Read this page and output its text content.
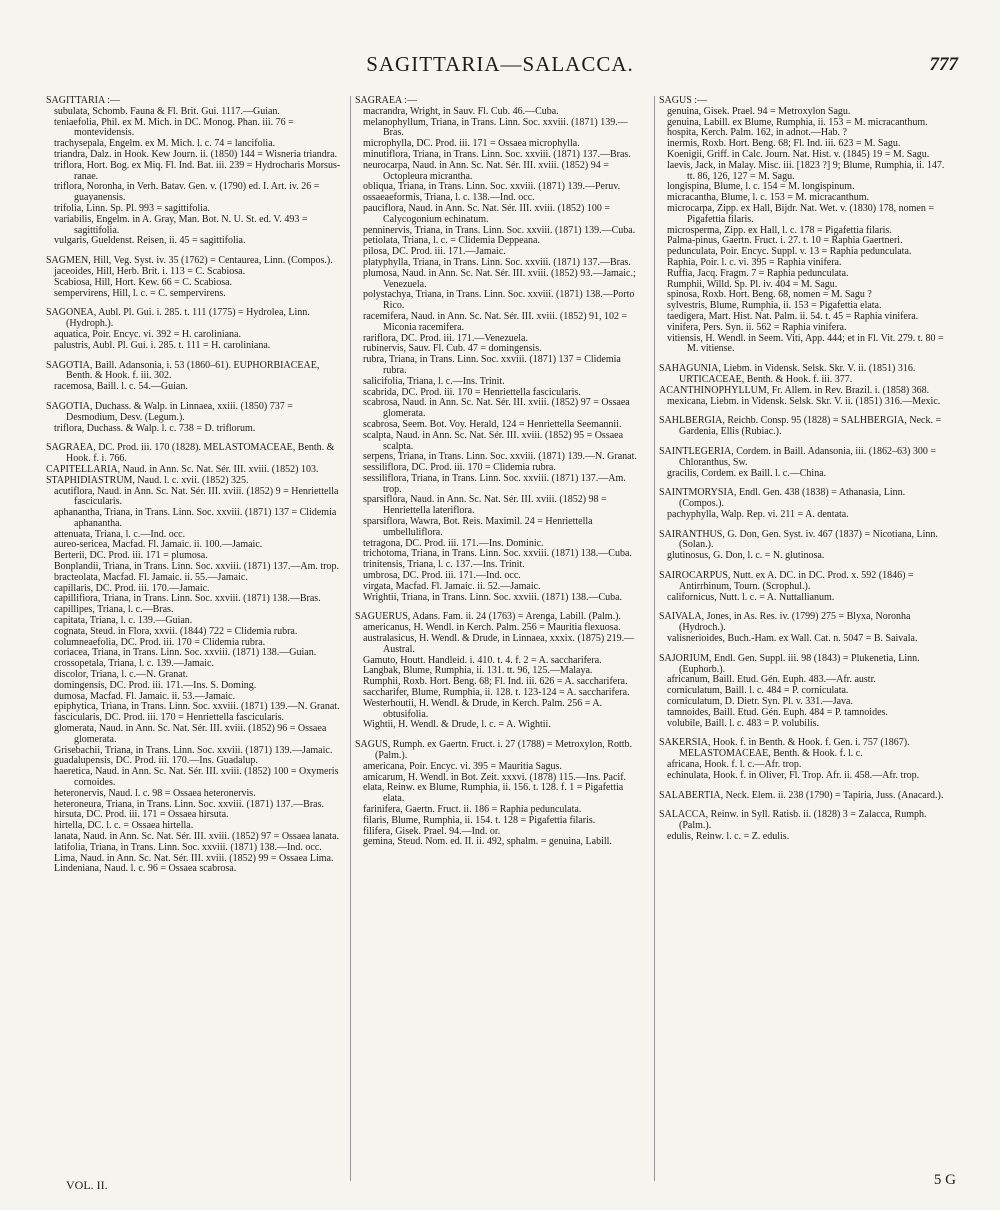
SAGITTARIA—SALACCA.	777

SAGITTARIA :—

subulata, Schomb. Fauna & Fl. Brit. Gui. 1117.—Guian.

teniaefolia, Phil. ex M. Mich. in DC. Monog. Phan. iii. 76 = montevidensis.

trachysepala, Engelm. ex M. Mich. l. c. 74 = lancifolia.

triandra, Dalz. in Hook. Kew Journ. ii. (1850) 144 = Wisneria triandra.

triflora, Hort. Bog. ex Miq. Fl. Ind. Bat. iii. 239 = Hydrocharis Morsus-ranae.

triflora, Noronha, in Verh. Batav. Gen. v. (1790) ed. I. Art. iv. 26 = guayanensis.

trifolia, Linn. Sp. Pl. 993 = sagittifolia.

variabilis, Engelm. in A. Gray, Man. Bot. N. U. St. ed. V. 493 = sagittifolia.

vulgaris, Gueldenst. Reisen, ii. 45 = sagittifolia.

SAGMEN, Hill, Veg. Syst. iv. 35 (1762) = Centaurea, Linn. (Compos.).

jaceoides, Hill, Herb. Brit. i. 113 = C. Scabiosa.

Scabiosa, Hill, Hort. Kew. 66 = C. Scabiosa.

sempervirens, Hill, l. c. = C. sempervirens.

SAGONEA, Aubl. Pl. Gui. i. 285. t. 111 (1775) = Hydrolea, Linn. (Hydroph.).

aquatica, Poir. Encyc. vi. 392 = H. caroliniana.

palustris, Aubl. Pl. Gui. i. 285. t. 111 = H. caroliniana.

SAGOTIA, Baill. Adansonia, i. 53 (1860–61). EUPHORBIACEAE, Benth. & Hook. f. iii. 302.

racemosa, Baill. l. c. 54.—Guian.

SAGOTIA, Duchass. & Walp. in Linnaea, xxiii. (1850) 737 = Desmodium, Desv. (Legum.).

triflora, Duchass. & Walp. l. c. 738 = D. triflorum.

SAGRAEA, DC. Prod. iii. 170 (1828). MELASTOMACEAE, Benth. & Hook. f. i. 766.

CAPITELLARIA, Naud. in Ann. Sc. Nat. Sér. III. xviii. (1852) 103.

STAPHIDIASTRUM, Naud. l. c. xvii. (1852) 325.

acutiflora, Naud. in Ann. Sc. Nat. Sér. III. xviii. (1852) 9 = Henriettella fascicularis.

aphanantha, Triana, in Trans. Linn. Soc. xxviii. (1871) 137 = Clidemia aphanantha.

attenuata, Triana, l. c.—Ind. occ.

aureo-sericea, Macfad. Fl. Jamaic. ii. 100.—Jamaic.

Berterii, DC. Prod. iii. 171 = plumosa.

Bonplandii, Triana, in Trans. Linn. Soc. xxviii. (1871) 137.—Am. trop.

bracteolata, Macfad. Fl. Jamaic. ii. 55.—Jamaic.

capillaris, DC. Prod. iii. 170.—Jamaic.

capillifiora, Triana, in Trans. Linn. Soc. xxviii. (1871) 138.—Bras.

capillipes, Triana, l. c.—Bras.

capitata, Triana, l. c. 139.—Guian.

cognata, Steud. in Flora, xxvii. (1844) 722 = Clidemia rubra.

columneaefolia, DC. Prod. iii. 170 = Clidemia rubra.

coriacea, Triana, in Trans. Linn. Soc. xxviii. (1871) 138.—Guian.

crossopetala, Triana, l. c. 139.—Jamaic.

discolor, Triana, l. c.—N. Granat.

domingensis, DC. Prod. iii. 171.—Ins. S. Doming.

dumosa, Macfad. Fl. Jamaic. ii. 53.—Jamaic.

epiphytica, Triana, in Trans. Linn. Soc. xxviii. (1871) 139.—N. Granat.

fascicularis, DC. Prod. iii. 170 = Henriettella fascicularis.

glomerata, Naud. in Ann. Sc. Nat. Sér. III. xviii. (1852) 96 = Ossaea glomerata.

Grisebachii, Triana, in Trans. Linn. Soc. xxviii. (1871) 139.—Jamaic.

guadalupensis, DC. Prod. iii. 170.—Ins. Guadalup.

haeretica, Naud. in Ann. Sc. Nat. Sér. III. xviii. (1852) 100 = Oxymeris cornoides.

heteronervis, Naud. l. c. 98 = Ossaea heteronervis.

heteroneura, Triana, in Trans. Linn. Soc. xxviii. (1871) 137.—Bras.

hirsuta, DC. Prod. iii. 171 = Ossaea hirsuta.

hirtella, DC. l. c. = Ossaea hirtella.

lanata, Naud. in Ann. Sc. Nat. Sér. III. xviii. (1852) 97 = Ossaea lanata.

latifolia, Triana, in Trans. Linn. Soc. xxviii. (1871) 138.—Ind. occ.

Lima, Naud. in Ann. Sc. Nat. Sér. III. xviii. (1852) 99 = Ossaea Lima.

Lindeniana, Naud. l. c. 96 = Ossaea scabrosa.

SAGRAEA :—

macrandra, Wright, in Sauv. Fl. Cub. 46.—Cuba.

melanophyllum, Triana, in Trans. Linn. Soc. xxviii. (1871) 139.—Bras.

microphylla, DC. Prod. iii. 171 = Ossaea microphylla.

minutiflora, Triana, in Trans. Linn. Soc. xxviii. (1871) 137.—Bras.

neurocarpa, Naud. in Ann. Sc. Nat. Sér. III. xviii. (1852) 94 = Octopleura micrantha.

obliqua, Triana, in Trans. Linn. Soc. xxviii. (1871) 139.—Peruv.

ossaeaeformis, Triana, l. c. 138.—Ind. occ.

pauciflora, Naud. in Ann. Sc. Nat. Sér. III. xviii. (1852) 100 = Calycogonium echinatum.

penninervis, Triana, in Trans. Linn. Soc. xxviii. (1871) 139.—Cuba.

petiolata, Triana, l. c. = Clidemia Deppeana.

pilosa, DC. Prod. iii. 171.—Jamaic.

platyphylla, Triana, in Trans. Linn. Soc. xxviii. (1871) 137.—Bras.

plumosa, Naud. in Ann. Sc. Nat. Sér. III. xviii. (1852) 93.—Jamaic.; Venezuela.

polystachya, Triana, in Trans. Linn. Soc. xxviii. (1871) 138.—Porto Rico.

racemifera, Naud. in Ann. Sc. Nat. Sér. III. xviii. (1852) 91, 102 = Miconia racemifera.

rariflora, DC. Prod. iii. 171.—Venezuela.

rubinervis, Sauv. Fl. Cub. 47 = domingensis.

rubra, Triana, in Trans. Linn. Soc. xxviii. (1871) 137 = Clidemia rubra.

salicifolia, Triana, l. c.—Ins. Trinit.

scabrida, DC. Prod. iii. 170 = Henriettella fascicularis.

scabrosa, Naud. in Ann. Sc. Nat. Sér. III. xviii. (1852) 97 = Ossaea glomerata.

scabrosa, Seem. Bot. Voy. Herald, 124 = Henriettella Seemannii.

scalpta, Naud. in Ann. Sc. Nat. Sér. III. xviii. (1852) 95 = Ossaea scalpta.

serpens, Triana, in Trans. Linn. Soc. xxviii. (1871) 139.—N. Granat.

sessiliflora, DC. Prod. iii. 170 = Clidemia rubra.

sessiliflora, Triana, in Trans. Linn. Soc. xxviii. (1871) 137.—Am. trop.

sparsiflora, Naud. in Ann. Sc. Nat. Sér. III. xviii. (1852) 98 = Henriettella lateriflora.

sparsiflora, Wawra, Bot. Reis. Maximil. 24 = Henriettella umbelluliflora.

tetragona, DC. Prod. iii. 171.—Ins. Dominic.

trichotoma, Triana, in Trans. Linn. Soc. xxviii. (1871) 138.—Cuba.

trinitensis, Triana, l. c. 137.—Ins. Trinit.

umbrosa, DC. Prod. iii. 171.—Ind. occ.

virgata, Macfad. Fl. Jamaic. ii. 52.—Jamaic.

Wrightii, Triana, in Trans. Linn. Soc. xxviii. (1871) 138.—Cuba.

SAGUERUS, Adans. Fam. ii. 24 (1763) = Arenga, Labill. (Palm.).

americanus, H. Wendl. in Kerch. Palm. 256 = Mauritia flexuosa.

australasicus, H. Wendl. & Drude, in Linnaea, xxxix. (1875) 219.—Austral.

Gamuto, Houtt. Handleid. i. 410. t. 4. f. 2 = A. saccharifera.

Langbak, Blume, Rumphia, ii. 131. tt. 96, 125.—Malaya.

Rumphii, Roxb. Hort. Beng. 68; Fl. Ind. iii. 626 = A. saccharifera.

saccharifer, Blume, Rumphia, ii. 128. t. 123-124 = A. saccharifera.

Westerhoutii, H. Wendl. & Drude, in Kerch. Palm. 256 = A. obtusifolia.

Wightii, H. Wendl. & Drude, l. c. = A. Wightii.

SAGUS, Rumph. ex Gaertn. Fruct. i. 27 (1788) = Metroxylon, Rottb. (Palm.).

americana, Poir. Encyc. vi. 395 = Mauritia Sagus.

amicarum, H. Wendl. in Bot. Zeit. xxxvi. (1878) 115.—Ins. Pacif.

elata, Reinw. ex Blume, Rumphia, ii. 156. t. 128. f. 1 = Pigafettia elata.

farinifera, Gaertn. Fruct. ii. 186 = Raphia pedunculata.

filaris, Blume, Rumphia, ii. 154. t. 128 = Pigafettia filaris.

filifera, Gisek. Prael. 94.—Ind. or.

gemina, Steud. Nom. ed. II. ii. 492, sphalm. = genuina, Labill.

SAGUS :—

genuina, Gisek. Prael. 94 = Metroxylon Sagu.

genuina, Labill. ex Blume, Rumphia, ii. 153 = M. micracanthum.

hospita, Kerch. Palm. 162, in adnot.—Hab. ?

inermis, Roxb. Hort. Beng. 68; Fl. Ind. iii. 623 = M. Sagu.

Koenigii, Griff. in Calc. Journ. Nat. Hist. v. (1845) 19 = M. Sagu.

laevis, Jack, in Malay. Misc. iii. [1823 ?] 9; Blume, Rumphia, ii. 147. tt. 86, 126, 127 = M. Sagu.

longispina, Blume, l. c. 154 = M. longispinum.

micracantha, Blume, l. c. 153 = M. micracanthum.

microcarpa, Zipp. ex Hall, Bijdr. Nat. Wet. v. (1830) 178, nomen = Pigafettia filaris.

microsperma, Zipp. ex Hall, l. c. 178 = Pigafettia filaris.

Palma-pinus, Gaertn. Fruct. i. 27. t. 10 = Raphia Gaertneri.

pedunculata, Poir. Encyc. Suppl. v. 13 = Raphia pedunculata.

Raphia, Poir. l. c. vi. 395 = Raphia vinifera.

Ruffia, Jacq. Fragm. 7 = Raphia pedunculata.

Rumphii, Willd. Sp. Pl. iv. 404 = M. Sagu.

spinosa, Roxb. Hort. Beng. 68, nomen = M. Sagu ?

sylvestris, Blume, Rumphia, ii. 153 = Pigafettia elata.

taedigera, Mart. Hist. Nat. Palm. ii. 54. t. 45 = Raphia vinifera.

vinifera, Pers. Syn. ii. 562 = Raphia vinifera.

vitiensis, H. Wendl. in Seem. Viti, App. 444; et in Fl. Vit. 279. t. 80 = M. vitiense.

SAHAGUNIA, Liebm. in Vidensk. Selsk. Skr. V. ii. (1851) 316. URTICACEAE, Benth. & Hook. f. iii. 377.

ACANTHINOPHYLLUM, Fr. Allem. in Rev. Brazil. i. (1858) 368.

mexicana, Liebm. in Vidensk. Selsk. Skr. V. ii. (1851) 316.—Mexic.

SAHLBERGIA, Reichb. Consp. 95 (1828) = SALHBERGIA, Neck. = Gardenia, Ellis (Rubiac.).

SAINTLEGERIA, Cordem. in Baill. Adansonia, iii. (1862–63) 300 = Chloranthus, Sw.

gracilis, Cordem. ex Baill. l. c.—China.

SAINTMORYSIA, Endl. Gen. 438 (1838) = Athanasia, Linn. (Compos.).

pachyphylla, Walp. Rep. vi. 211 = A. dentata.

SAIRANTHUS, G. Don, Gen. Syst. iv. 467 (1837) = Nicotiana, Linn. (Solan.).

glutinosus, G. Don, l. c. = N. glutinosa.

SAIROCARPUS, Nutt. ex A. DC. in DC. Prod. x. 592 (1846) = Antirrhinum, Tourn. (Scrophul.).

californicus, Nutt. l. c. = A. Nuttallianum.

SAIVALA, Jones, in As. Res. iv. (1799) 275 = Blyxa, Noronha (Hydroch.).

valisnerioides, Buch.-Ham. ex Wall. Cat. n. 5047 = B. Saivala.

SAJORIUM, Endl. Gen. Suppl. iii. 98 (1843) = Plukenetia, Linn. (Euphorb.).

africanum, Baill. Etud. Gén. Euph. 483.—Afr. austr.

corniculatum, Baill. l. c. 484 = P. corniculata.

corniculatum, D. Dietr. Syn. Pl. v. 331.—Java.

tamnoides, Baill. Etud. Gén. Euph. 484 = P. tamnoides.

volubile, Baill. l. c. 483 = P. volubilis.

SAKERSIA, Hook. f. in Benth. & Hook. f. Gen. i. 757 (1867). MELASTOMACEAE, Benth. & Hook. f. l. c.

africana, Hook. f. l. c.—Afr. trop.

echinulata, Hook. f. in Oliver, Fl. Trop. Afr. ii. 458.—Afr. trop.

SALABERTIA, Neck. Elem. ii. 238 (1790) = Tapiria, Juss. (Anacard.).

SALACCA, Reinw. in Syll. Ratisb. ii. (1828) 3 = Zalacca, Rumph. (Palm.).

edulis, Reinw. l. c. = Z. edulis.

VOL. II.	5 G
